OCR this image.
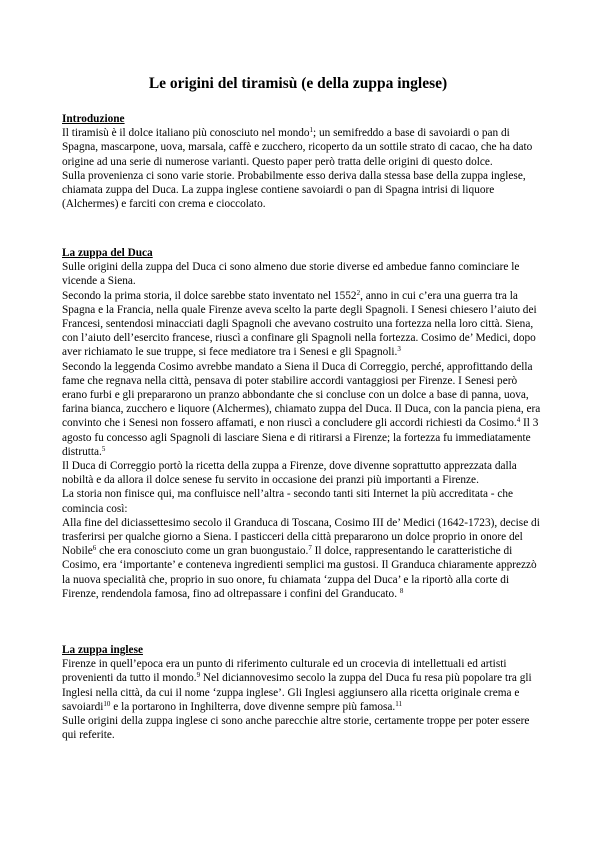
Le origini del tiramisù (e della zuppa inglese)
Introduzione

Il tiramisù è il dolce italiano più conosciuto nel mondo$^1$; un semifreddo a base di savoiardi o pan di Spagna, mascarpone, uova, marsala, caffè e zucchero, ricoperto da un sottile strato di cacao, che ha dato origine ad una serie di numerose varianti. Questo paper però tratta delle origini di questo dolce.

Sulla provenienza ci sono varie storie. Probabilmente esso deriva dalla stessa base della zuppa inglese, chiamata zuppa del Duca. La zuppa inglese contiene savoiardi o pan di Spagna intrisi di liquore (Alchermes) e farciti con crema e cioccolato.

La zuppa del Duca

Sulle origini della zuppa del Duca ci sono almeno due storie diverse ed ambedue fanno cominciare le vicende a Siena.

Secondo la prima storia, il dolce sarebbe stato inventato nel 1552$^2$, anno in cui c’era una guerra tra la Spagna e la Francia, nella quale Firenze aveva scelto la parte degli Spagnoli. I Senesi chiesero l’aiuto dei Francesi, sentendosi minacciati dagli Spagnoli che avevano costruito una fortezza nella loro città. Siena, con l’aiuto dell’esercito francese, riuscì a confinare gli Spagnoli nella fortezza. Cosimo de’ Medici, dopo aver richiamato le sue truppe, si fece mediatore tra i Senesi e gli Spagnoli.$^3$

Secondo la leggenda Cosimo avrebbe mandato a Siena il Duca di Correggio, perché, approfittando della fame che regnava nella città, pensava di poter stabilire accordi vantaggiosi per Firenze. I Senesi però erano furbi e gli prepararono un pranzo abbondante che si concluse con un dolce a base di panna, uova, farina bianca, zucchero e liquore (Alchermes), chiamato zuppa del Duca. Il Duca, con la pancia piena, era convinto che i Senesi non fossero affamati, e non riuscì a concludere gli accordi richiesti da Cosimo.$^4$ Il 3 agosto fu concesso agli Spagnoli di lasciare Siena e di ritirarsi a Firenze; la fortezza fu immediatamente distrutta.$^5$

Il Duca di Correggio portò la ricetta della zuppa a Firenze, dove divenne soprattutto apprezzata dalla nobiltà e da allora il dolce senese fu servito in occasione dei pranzi più importanti a Firenze.

La storia non finisce qui, ma confluisce nell’altra - secondo tanti siti Internet la più accreditata - che comincia così:

Alla fine del diciassettesimo secolo il Granduca di Toscana, Cosimo III de’ Medici (1642-1723), decise di trasferirsi per qualche giorno a Siena. I pasticceri della città prepararono un dolce proprio in onore del Nobile$^6$ che era conosciuto come un gran buongustaio.$^7$ Il dolce, rappresentando le caratteristiche di Cosimo, era ‘importante’ e conteneva ingredienti semplici ma gustosi. Il Granduca chiaramente apprezzò la nuova specialità che, proprio in suo onore, fu chiamata ‘zuppa del Duca’ e la riportò alla corte di Firenze, rendendola famosa, fino ad oltrepassare i confini del Granducato. $^8$

La zuppa inglese

Firenze in quell’epoca era un punto di riferimento culturale ed un crocevia di intellettuali ed artisti provenienti da tutto il mondo.$^9$ Nel diciannovesimo secolo la zuppa del Duca fu resa più popolare tra gli Inglesi nella città, da cui il nome ‘zuppa inglese’. Gli Inglesi aggiunsero alla ricetta originale crema e savoiardi$^{10}$ e la portarono in Inghilterra, dove divenne sempre più famosa.$^{11}$

Sulle origini della zuppa inglese ci sono anche parecchie altre storie, certamente troppe per poter essere qui referite.
